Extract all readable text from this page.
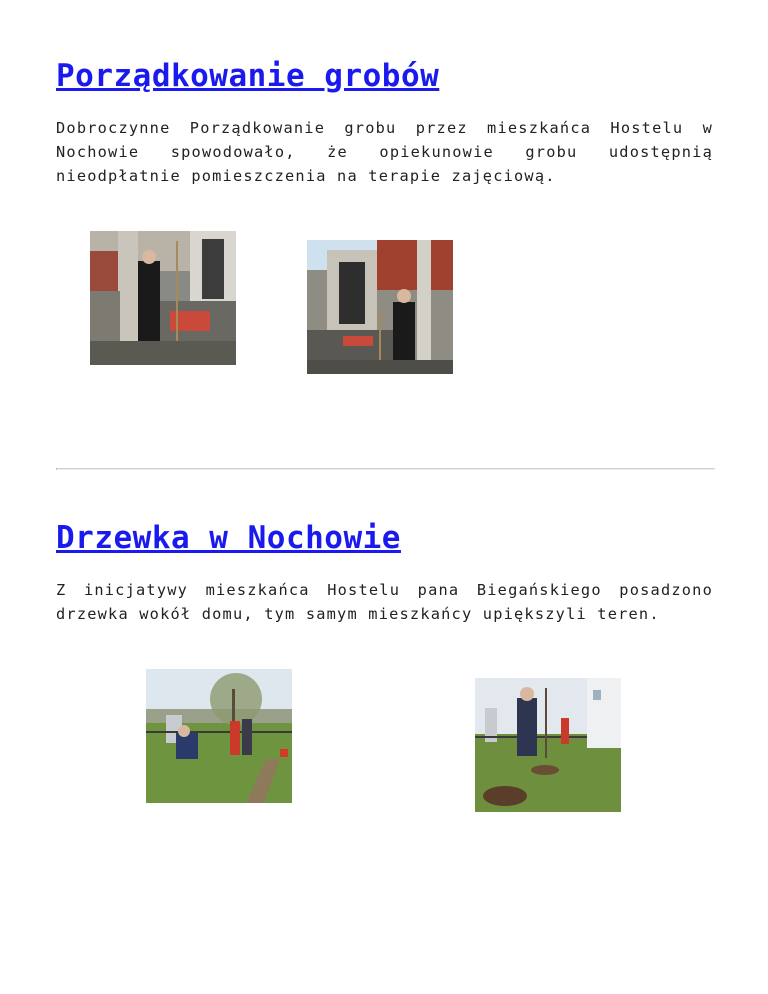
Porządkowanie grobów

Dobroczynne Porządkowanie grobu przez mieszkańca Hostelu w Nochowie spowodowało, że opiekunowie grobu udostępnią nieodpłatnie pomieszczenia na terapie zajęciową.

Drzewka w Nochowie

Z inicjatywy mieszkańca Hostelu pana Biegańskiego posadzono drzewka wokół domu, tym samym mieszkańcy upiększyli teren.
